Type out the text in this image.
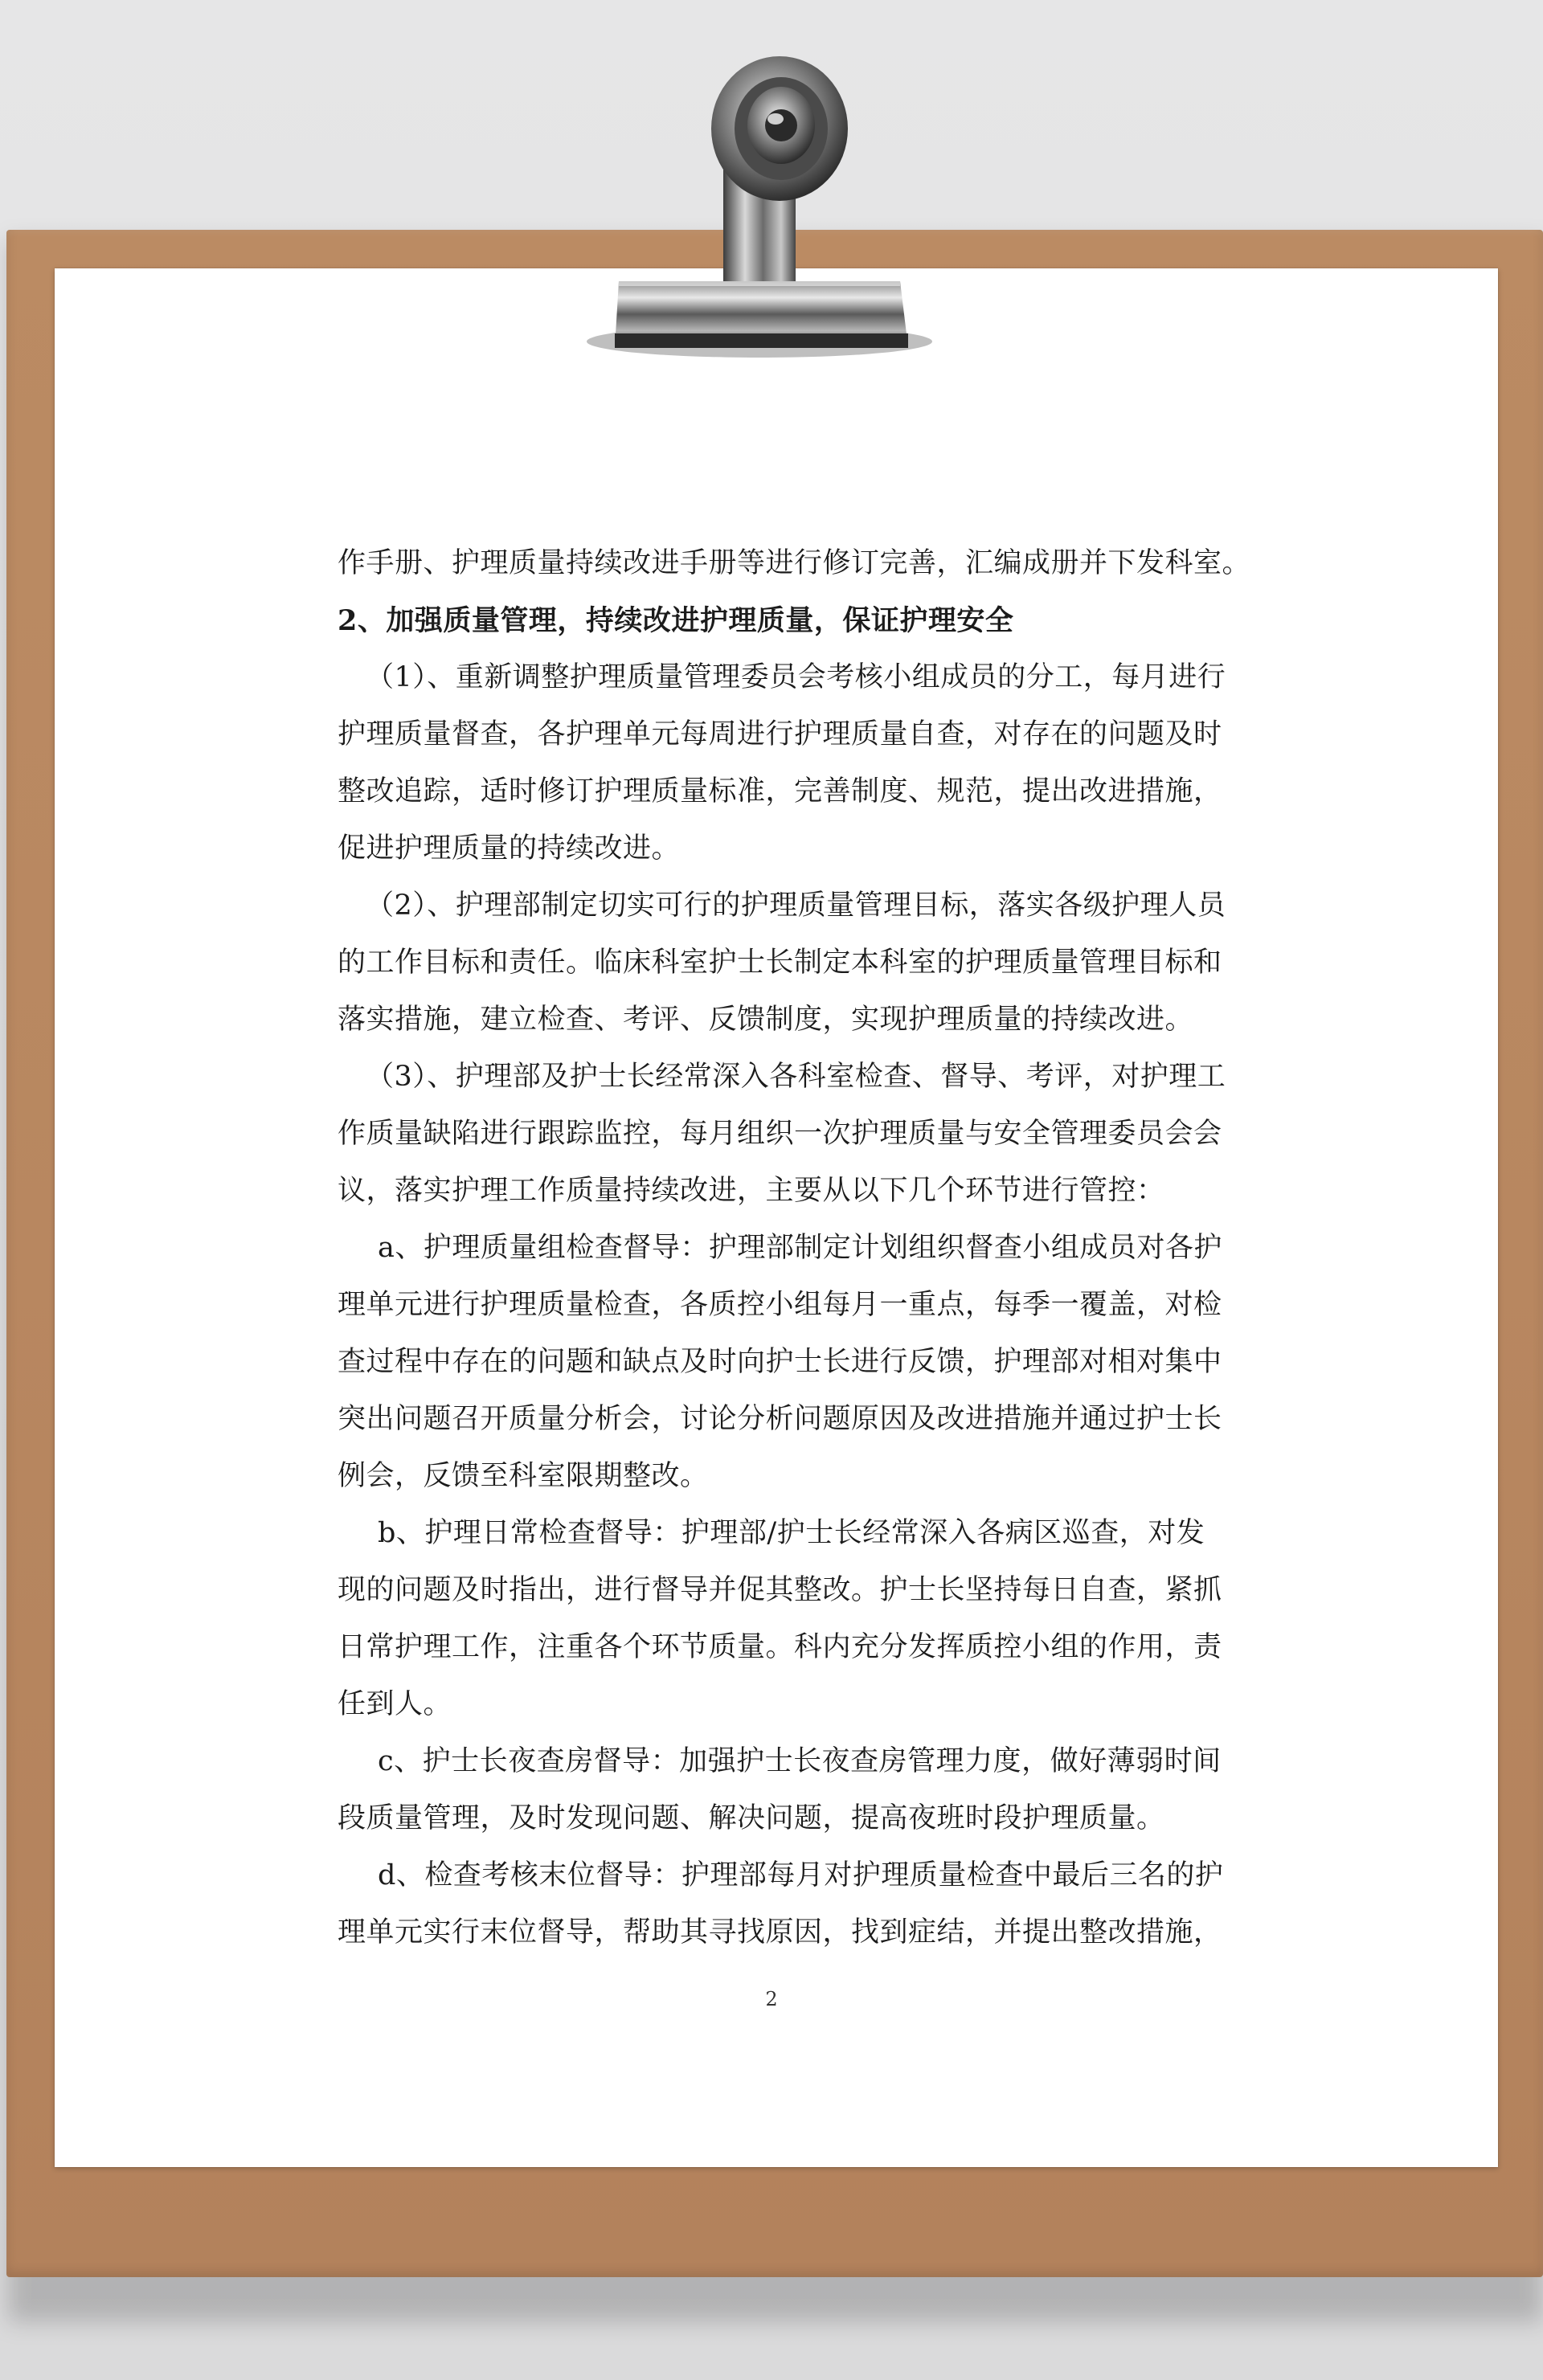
作手册、护理质量持续改进手册等进行修订完善，汇编成册并下发科室。
2、加强质量管理，持续改进护理质量，保证护理安全
（1）、重新调整护理质量管理委员会考核小组成员的分工，每月进行
护理质量督查，各护理单元每周进行护理质量自查，对存在的问题及时
整改追踪，适时修订护理质量标准，完善制度、规范，提出改进措施，
促进护理质量的持续改进。
（2）、护理部制定切实可行的护理质量管理目标，落实各级护理人员
的工作目标和责任。临床科室护士长制定本科室的护理质量管理目标和
落实措施，建立检查、考评、反馈制度，实现护理质量的持续改进。
（3）、护理部及护士长经常深入各科室检查、督导、考评，对护理工
作质量缺陷进行跟踪监控，每月组织一次护理质量与安全管理委员会会
议，落实护理工作质量持续改进，主要从以下几个环节进行管控：
a、护理质量组检查督导：护理部制定计划组织督查小组成员对各护
理单元进行护理质量检查，各质控小组每月一重点，每季一覆盖，对检
查过程中存在的问题和缺点及时向护士长进行反馈，护理部对相对集中
突出问题召开质量分析会，讨论分析问题原因及改进措施并通过护士长
例会，反馈至科室限期整改。
b、护理日常检查督导：护理部/护士长经常深入各病区巡查，对发
现的问题及时指出，进行督导并促其整改。护士长坚持每日自查，紧抓
日常护理工作，注重各个环节质量。科内充分发挥质控小组的作用，责
任到人。
c、护士长夜查房督导：加强护士长夜查房管理力度，做好薄弱时间
段质量管理，及时发现问题、解决问题，提高夜班时段护理质量。
d、检查考核末位督导：护理部每月对护理质量检查中最后三名的护
理单元实行末位督导，帮助其寻找原因，找到症结，并提出整改措施，
2
